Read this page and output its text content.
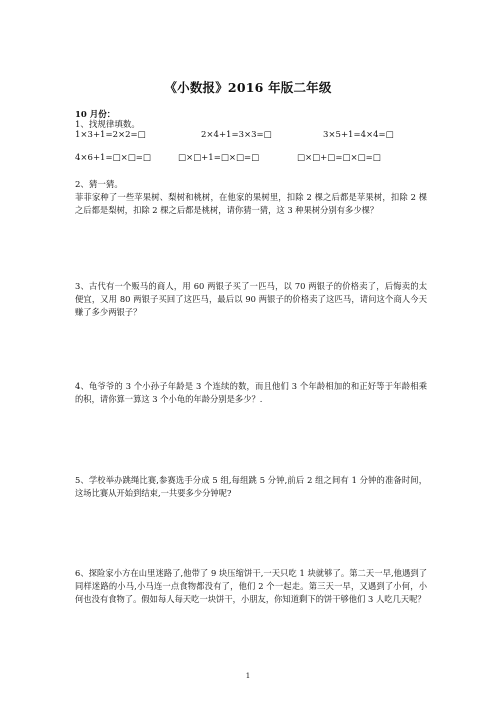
《小数报》2016 年版二年级
10 月份：
1、找规律填数。
1×3+1=2×2=□	2×4+1=3×3=□	3×5+1=4×4=□
4×6+1=□×□=□	□×□+1=□×□=□	□×□+□=□×□=□
2、猜一猜。
菲菲家种了一些苹果树、梨树和桃树，在他家的果树里，扣除 2 棵之后都是苹果树，扣除 2 棵之后都是梨树，扣除 2 棵之后都是桃树，请你猜一猜，这 3 种果树分别有多少棵？
3、古代有一个贩马的商人，用 60 两银子买了一匹马，以 70 两银子的价格卖了，后悔卖的太便宜，又用 80 两银子买回了这匹马，最后以 90 两银子的价格卖了这匹马，请问这个商人今天赚了多少两银子？
4、龟爷爷的 3 个小孙子年龄是 3 个连续的数，而且他们 3 个年龄相加的和正好等于年龄相乘的积，请你算一算这 3 个小龟的年龄分别是多少？.
5、学校举办跳绳比赛,参赛选手分成 5 组,每组跳 5 分钟,前后 2 组之间有 1 分钟的准备时间，这场比赛从开始到结束,一共要多少分钟呢?
6、探险家小方在山里迷路了,他带了 9 块压缩饼干,一天只吃 1 块就够了。第二天一早,他遇到了同样迷路的小马,小马连一点食物都没有了，他们 2 个一起走。第三天一早，又遇到了小何，小何也没有食物了。假如每人每天吃一块饼干，小朋友，你知道剩下的饼干够他们 3 人吃几天呢？
1
